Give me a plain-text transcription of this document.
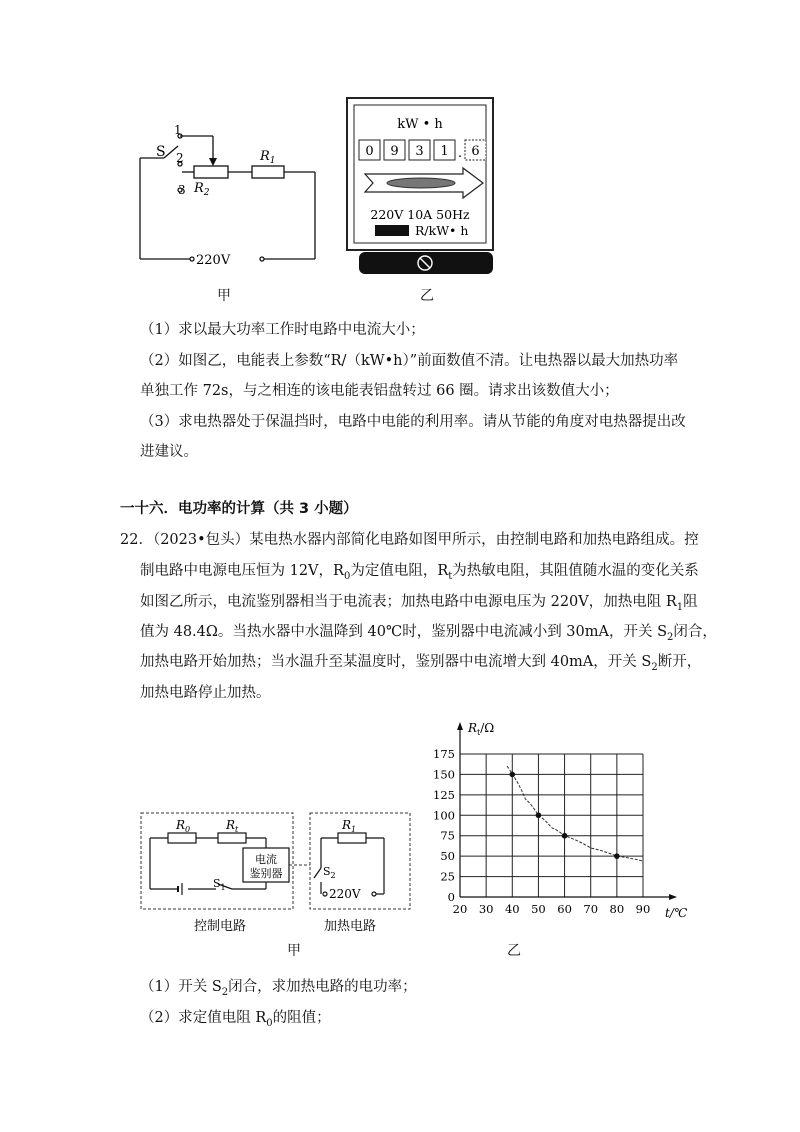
S
1
2
3
$R_1$
$R_2$
220V
甲
kW • h
0 9 3 1 . 6
220V 10A 50Hz
R/kW• h
乙
（1）求以最大功率工作时电路中电流大小；
（2）如图乙，电能表上参数“R/（kW•h）”前面数值不清。让电热器以最大加热功率
单独工作 72s，与之相连的该电能表铝盘转过 66 圈。请求出该数值大小；
（3）求电热器处于保温挡时，电路中电能的利用率。请从节能的角度对电热器提出改
进建议。
一十六．电功率的计算（共 3 小题）
22．（2023•包头）某电热水器内部简化电路如图甲所示，由控制电路和加热电路组成。控
制电路中电源电压恒为 12V，$R_0$为定值电阻，$R_t$为热敏电阻，其阻值随水温的变化关系
如图乙所示，电流鉴别器相当于电流表；加热电路中电源电压为 220V，加热电阻 $R_1$阻
值为 48.4Ω。当热水器中水温降到 40℃时，鉴别器中电流减小到 30mA，开关 $S_2$闭合，
加热电路开始加热；当水温升至某温度时，鉴别器中电流增大到 40mA，开关 $S_2$断开，
加热电路停止加热。
$R_0$	$R_t$
电流
鉴别器
$S_1$
$R_1$
$S_2$
220V
控制电路	加热电路
甲
20 30 40 50 60 70 80 90
0
25
50
75
100
125
150
175
$R_t/\Omega$
t/℃
乙
（1）开关 $S_2$闭合，求加热电路的电功率；
（2）求定值电阻 $R_0$的阻值；
